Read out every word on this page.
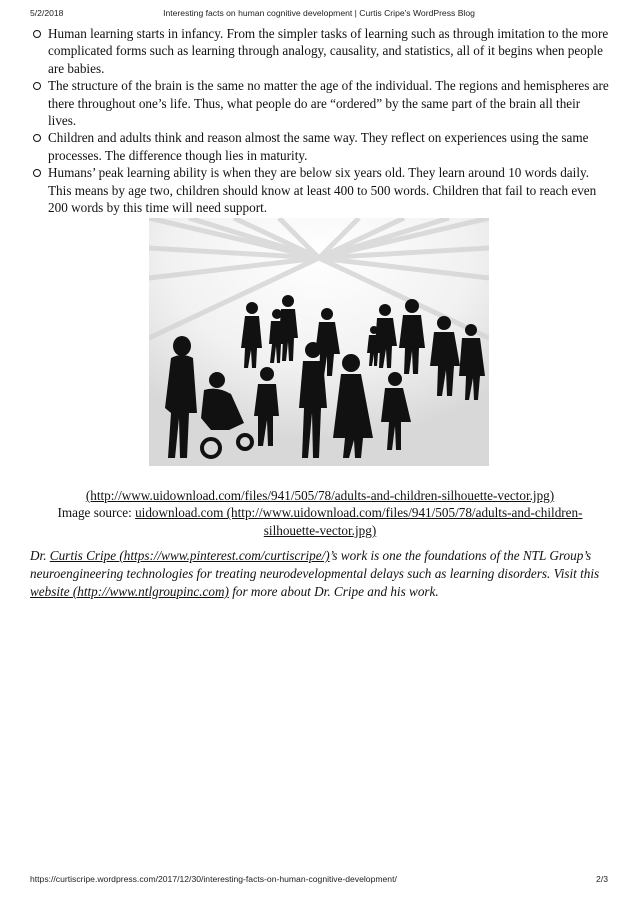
5/2/2018	Interesting facts on human cognitive development | Curtis Cripe's WordPress Blog
Human learning starts in infancy. From the simpler tasks of learning such as through imitation to the more complicated forms such as learning through analogy, causality, and statistics, all of it begins when people are babies.
The structure of the brain is the same no matter the age of the individual. The regions and hemispheres are there throughout one’s life. Thus, what people do are “ordered” by the same part of the brain all their lives.
Children and adults think and reason almost the same way. They reflect on experiences using the same processes. The difference though lies in maturity.
Humans’ peak learning ability is when they are below six years old. They learn around 10 words daily. This means by age two, children should know at least 400 to 500 words. Children that fail to reach even 200 words by this time will need support.
(http://www.uidownload.com/files/941/505/78/adults-and-children-silhouette-vector.jpg)
Image source: uidownload.com (http://www.uidownload.com/files/941/505/78/adults-and-children-silhouette-vector.jpg)
Dr. Curtis Cripe (https://www.pinterest.com/curtiscripe/)’s work is one the foundations of the NTL Group’s neuroengineering technologies for treating neurodevelopmental delays such as learning disorders. Visit this website (http://www.ntlgroupinc.com) for more about Dr. Cripe and his work.
https://curtiscripe.wordpress.com/2017/12/30/interesting-facts-on-human-cognitive-development/	2/3
